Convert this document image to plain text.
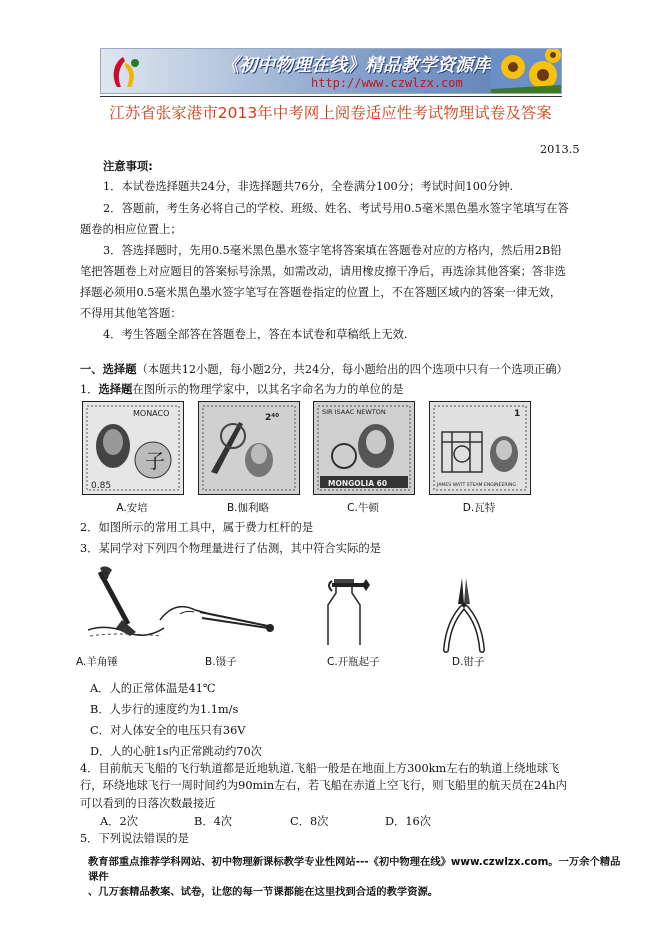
《初中物理在线》精品教学资源库
http://www.czwlzx.com
江苏省张家港市2013年中考网上阅卷适应性考试物理试卷及答案
2013.5
注意事项:
1．本试卷选择题共24分，非选择题共76分，全卷满分100分；考试时间100分钟.
2．答题前，考生务必将自己的学校、班级、姓名、考试号用0.5毫米黑色墨水签字笔填写在答
题卷的相应位置上；
3．答选择题时，先用0.5毫米黑色墨水签字笔将答案填在答题卷对应的方格内，然后用2B铅
笔把答题卷上对应题目的答案标号涂黑，如需改动，请用橡皮擦干净后，再选涂其他答案；答非选
择题必须用0.5毫米黑色墨水签字笔写在答题卷指定的位置上，不在答题区域内的答案一律无效，
不得用其他笔答题：
4．考生答题全部答在答题卷上，答在本试卷和草稿纸上无效.
一、选择题（本题共12小题，每小题2分，共24分，每小题给出的四个选项中只有一个选项正确）
1．选择题在图所示的物理学家中，以其名字命名为力的单位的是
子
MONACO
0.85
2⁴⁰
SIR ISAAC NEWTON
MONGOLIA 60
1
JAMES WATT STEAM ENGINEERING
A.安培	B.伽利略	C.牛顿	D.瓦特
2．如图所示的常用工具中，属于费力杠杆的是
3．某同学对下列四个物理量进行了估测，其中符合实际的是
A.羊角锤	B.镊子	C.开瓶起子	D.钳子
A．人的正常体温是41℃
B．人步行的速度约为1.1m/s
C．对人体安全的电压只有36V
D．人的心脏1s内正常跳动约70次
4．目前航天飞船的飞行轨道都是近地轨道.飞船一般是在地面上方300km左右的轨道上绕地球飞
行，环绕地球飞行一周时间约为90min左右，若飞船在赤道上空飞行，则飞船里的航天员在24h内
可以看到的日落次数最接近
A．2次	B．4次	C．8次	D．16次
5．下列说法错误的是
教育部重点推荐学科网站、初中物理新课标教学专业性网站---《初中物理在线》www.czwlzx.com。一万余个精品课件
、几万套精品教案、试卷，让您的每一节课都能在这里找到合适的教学资源。
